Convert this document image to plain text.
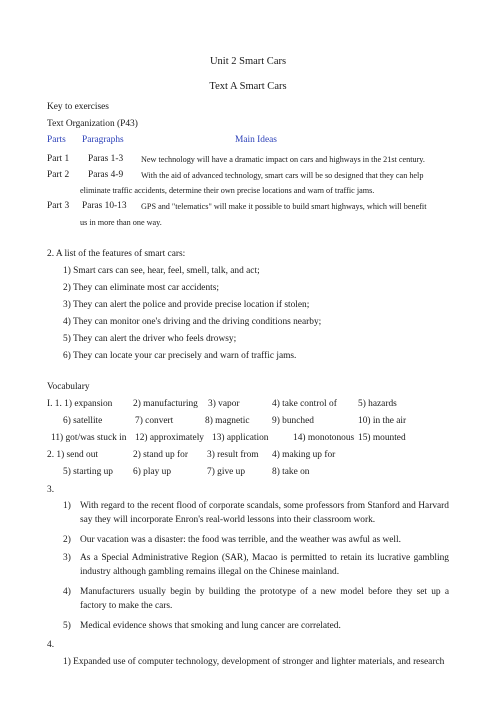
Unit 2 Smart Cars
Text A Smart Cars
Key to exercises
Text Organization (P43)
Parts Paragraphs	Main Ideas
Part 1 Paras 1-3 New technology will have a dramatic impact on cars and highways in the 21st century.
Part 2 Paras 4-9 With the aid of advanced technology, smart cars will be so designed that they can help
eliminate traffic accidents, determine their own precise locations and warn of traffic jams.
Part 3 Paras 10-13 GPS and "telematics" will make it possible to build smart highways, which will benefit
us in more than one way.
2. A list of the features of smart cars:
1) Smart cars can see, hear, feel, smell, talk, and act;
2) They can eliminate most car accidents;
3) They can alert the police and provide precise location if stolen;
4) They can monitor one's driving and the driving conditions nearby;
5) They can alert the driver who feels drowsy;
6) They can locate your car precisely and warn of traffic jams.
Vocabulary
I. 1. 1) expansion 2) manufacturing 3) vapor	4) take control of 5) hazards
6) satellite	7) convert	8) magnetic 9) bunched	10) in the air
11) got/was stuck in 12) approximately 13) application	14) monotonous 15) mounted
2. 1) send out	2) stand up for 3) result from 4) making up for
5) starting up 6) play up	7) give up	8) take on
3.
1) With regard to the recent flood of corporate scandals, some professors from Stanford and Harvard say they will incorporate Enron's real-world lessons into their classroom work.
2) Our vacation was a disaster: the food was terrible, and the weather was awful as well.
3) As a Special Administrative Region (SAR), Macao is permitted to retain its lucrative gambling industry although gambling remains illegal on the Chinese mainland.
4) Manufacturers usually begin by building the prototype of a new model before they set up a factory to make the cars.
5) Medical evidence shows that smoking and lung cancer are correlated.
4.
1) Expanded use of computer technology, development of stronger and lighter materials, and research
